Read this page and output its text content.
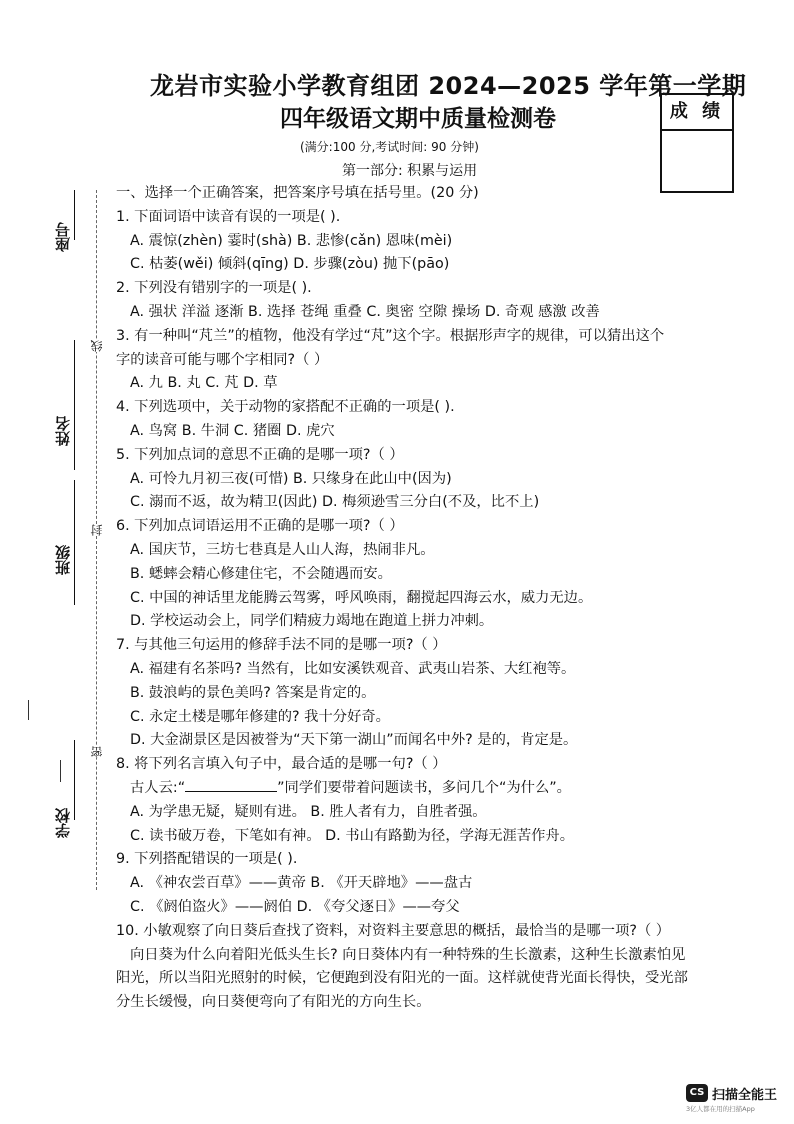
龙岩市实验小学教育组团 2024—2025 学年第一学期
四年级语文期中质量检测卷	成 绩
(满分:100 分,考试时间: 90 分钟)
第一部分: 积累与运用
座号
姓名
班级
学校
线
封
密
一、选择一个正确答案，把答案序号填在括号里。(20 分)
1. 下面词语中读音有误的一项是( ).
A. 震惊(zhèn) 霎时(shà) B. 悲惨(cǎn) 恩味(mèi)
C. 枯萎(wěi) 倾斜(qīng) D. 步骤(zòu) 抛下(pāo)
2. 下列没有错别字的一项是( ).
A. 强状 洋溢 逐渐 B. 选择 苍绳 重叠 C. 奥密 空隙 操场 D. 奇观 感激 改善
3. 有一种叫“芃兰”的植物，他没有学过“芃”这个字。根据形声字的规律，可以猜出这个
字的读音可能与哪个字相同?（ ）
A. 九 B. 丸 C. 芃 D. 草
4. 下列选项中，关于动物的家搭配不正确的一项是( ).
A. 鸟窝 B. 牛洞 C. 猪圈 D. 虎穴
5. 下列加点词的意思不正确的是哪一项?（ ）
A. 可怜九月初三夜(可惜) B. 只缘身在此山中(因为)
C. 溺而不返，故为精卫(因此) D. 梅须逊雪三分白(不及，比不上)
6. 下列加点词语运用不正确的是哪一项?（ ）
A. 国庆节，三坊七巷真是人山人海，热闹非凡。
B. 蟋蟀会精心修建住宅，不会随遇而安。
C. 中国的神话里龙能腾云驾雾，呼风唤雨，翻搅起四海云水，威力无边。
D. 学校运动会上，同学们精疲力竭地在跑道上拼力冲刺。
7. 与其他三句运用的修辞手法不同的是哪一项?（ ）
A. 福建有名茶吗? 当然有，比如安溪铁观音、武夷山岩茶、大红袍等。
B. 鼓浪屿的景色美吗? 答案是肯定的。
C. 永定土楼是哪年修建的? 我十分好奇。
D. 大金湖景区是因被誉为“天下第一湖山”而闻名中外? 是的，肯定是。
8. 将下列名言填入句子中，最合适的是哪一句?（ ）
古人云:“	”同学们要带着问题读书，多问几个“为什么”。
A. 为学患无疑，疑则有进。 B. 胜人者有力，自胜者强。
C. 读书破万卷，下笔如有神。 D. 书山有路勤为径，学海无涯苦作舟。
9. 下列搭配错误的一项是( ).
A. 《神农尝百草》——黄帝 B. 《开天辟地》——盘古
C. 《阏伯盗火》——阏伯 D. 《夸父逐日》——夸父
10. 小敏观察了向日葵后查找了资料，对资料主要意思的概括，最恰当的是哪一项?（ ）
向日葵为什么向着阳光低头生长? 向日葵体内有一种特殊的生长激素，这种生长激素怕见
阳光，所以当阳光照射的时候，它便跑到没有阳光的一面。这样就使背光面长得快，受光部
分生长缓慢，向日葵便弯向了有阳光的方向生长。
CS 扫描全能王
3亿人都在用的扫描App
